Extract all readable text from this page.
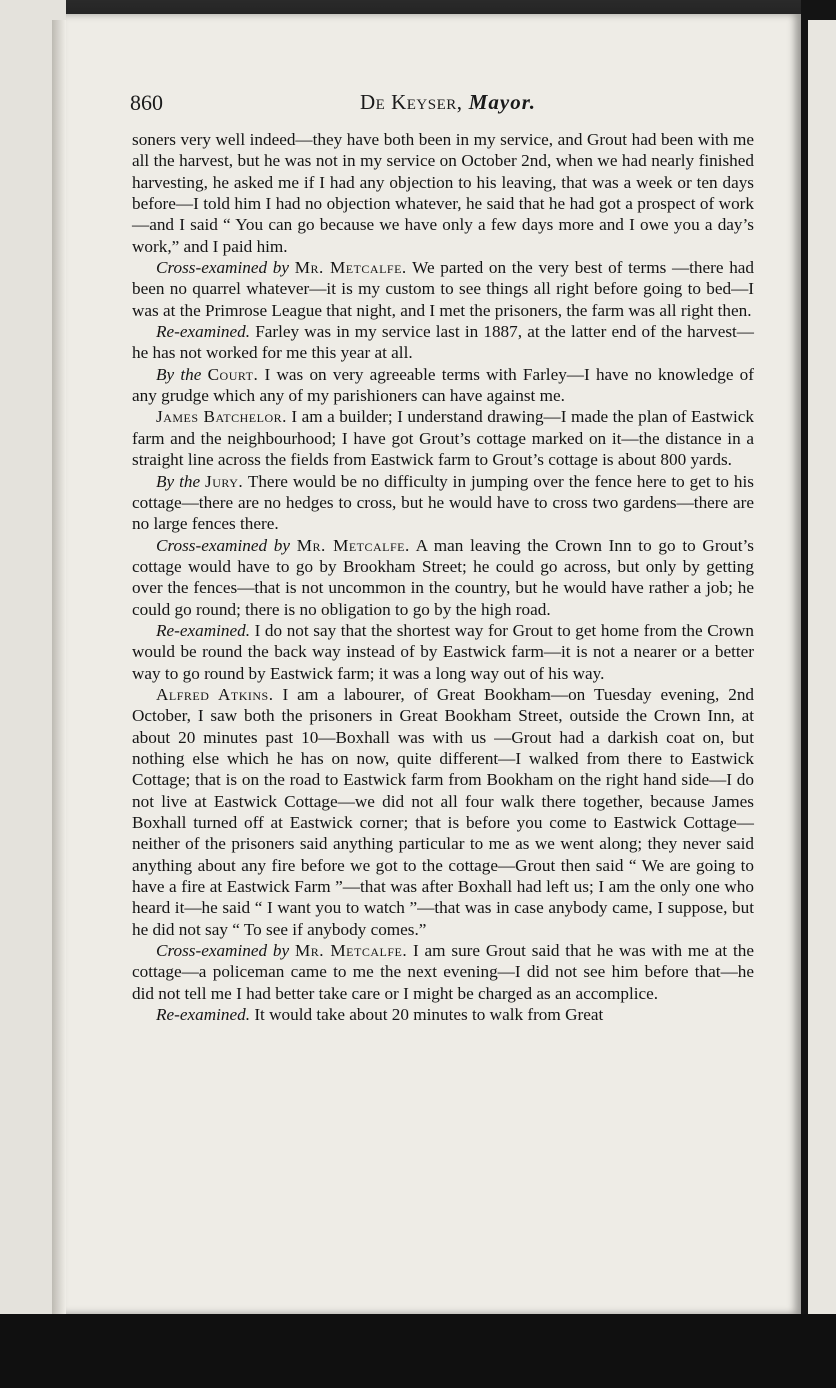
860	De Keyser, Mayor.

soners very well indeed—they have both been in my service, and Grout had been with me all the harvest, but he was not in my service on October 2nd, when we had nearly finished harvesting, he asked me if I had any objection to his leaving, that was a week or ten days before—I told him I had no objection whatever, he said that he had got a prospect of work—and I said “ You can go because we have only a few days more and I owe you a day’s work,” and I paid him.

Cross-examined by Mr. Metcalfe. We parted on the very best of terms —there had been no quarrel whatever—it is my custom to see things all right before going to bed—I was at the Primrose League that night, and I met the prisoners, the farm was all right then.

Re-examined. Farley was in my service last in 1887, at the latter end of the harvest—he has not worked for me this year at all.

By the Court. I was on very agreeable terms with Farley—I have no knowledge of any grudge which any of my parishioners can have against me.

James Batchelor. I am a builder; I understand drawing—I made the plan of Eastwick farm and the neighbourhood; I have got Grout’s cottage marked on it—the distance in a straight line across the fields from Eastwick farm to Grout’s cottage is about 800 yards.

By the Jury. There would be no difficulty in jumping over the fence here to get to his cottage—there are no hedges to cross, but he would have to cross two gardens—there are no large fences there.

Cross-examined by Mr. Metcalfe. A man leaving the Crown Inn to go to Grout’s cottage would have to go by Brookham Street; he could go across, but only by getting over the fences—that is not uncommon in the country, but he would have rather a job; he could go round; there is no obligation to go by the high road.

Re-examined. I do not say that the shortest way for Grout to get home from the Crown would be round the back way instead of by Eastwick farm—it is not a nearer or a better way to go round by Eastwick farm; it was a long way out of his way.

Alfred Atkins. I am a labourer, of Great Bookham—on Tuesday evening, 2nd October, I saw both the prisoners in Great Bookham Street, outside the Crown Inn, at about 20 minutes past 10—Boxhall was with us —Grout had a darkish coat on, but nothing else which he has on now, quite different—I walked from there to Eastwick Cottage; that is on the road to Eastwick farm from Bookham on the right hand side—I do not live at Eastwick Cottage—we did not all four walk there together, because James Boxhall turned off at Eastwick corner; that is before you come to Eastwick Cottage—neither of the prisoners said anything particular to me as we went along; they never said anything about any fire before we got to the cottage—Grout then said “ We are going to have a fire at Eastwick Farm ”—that was after Boxhall had left us; I am the only one who heard it—he said “ I want you to watch ”—that was in case anybody came, I suppose, but he did not say “ To see if anybody comes.”

Cross-examined by Mr. Metcalfe. I am sure Grout said that he was with me at the cottage—a policeman came to me the next evening—I did not see him before that—he did not tell me I had better take care or I might be charged as an accomplice.

Re-examined. It would take about 20 minutes to walk from Great
